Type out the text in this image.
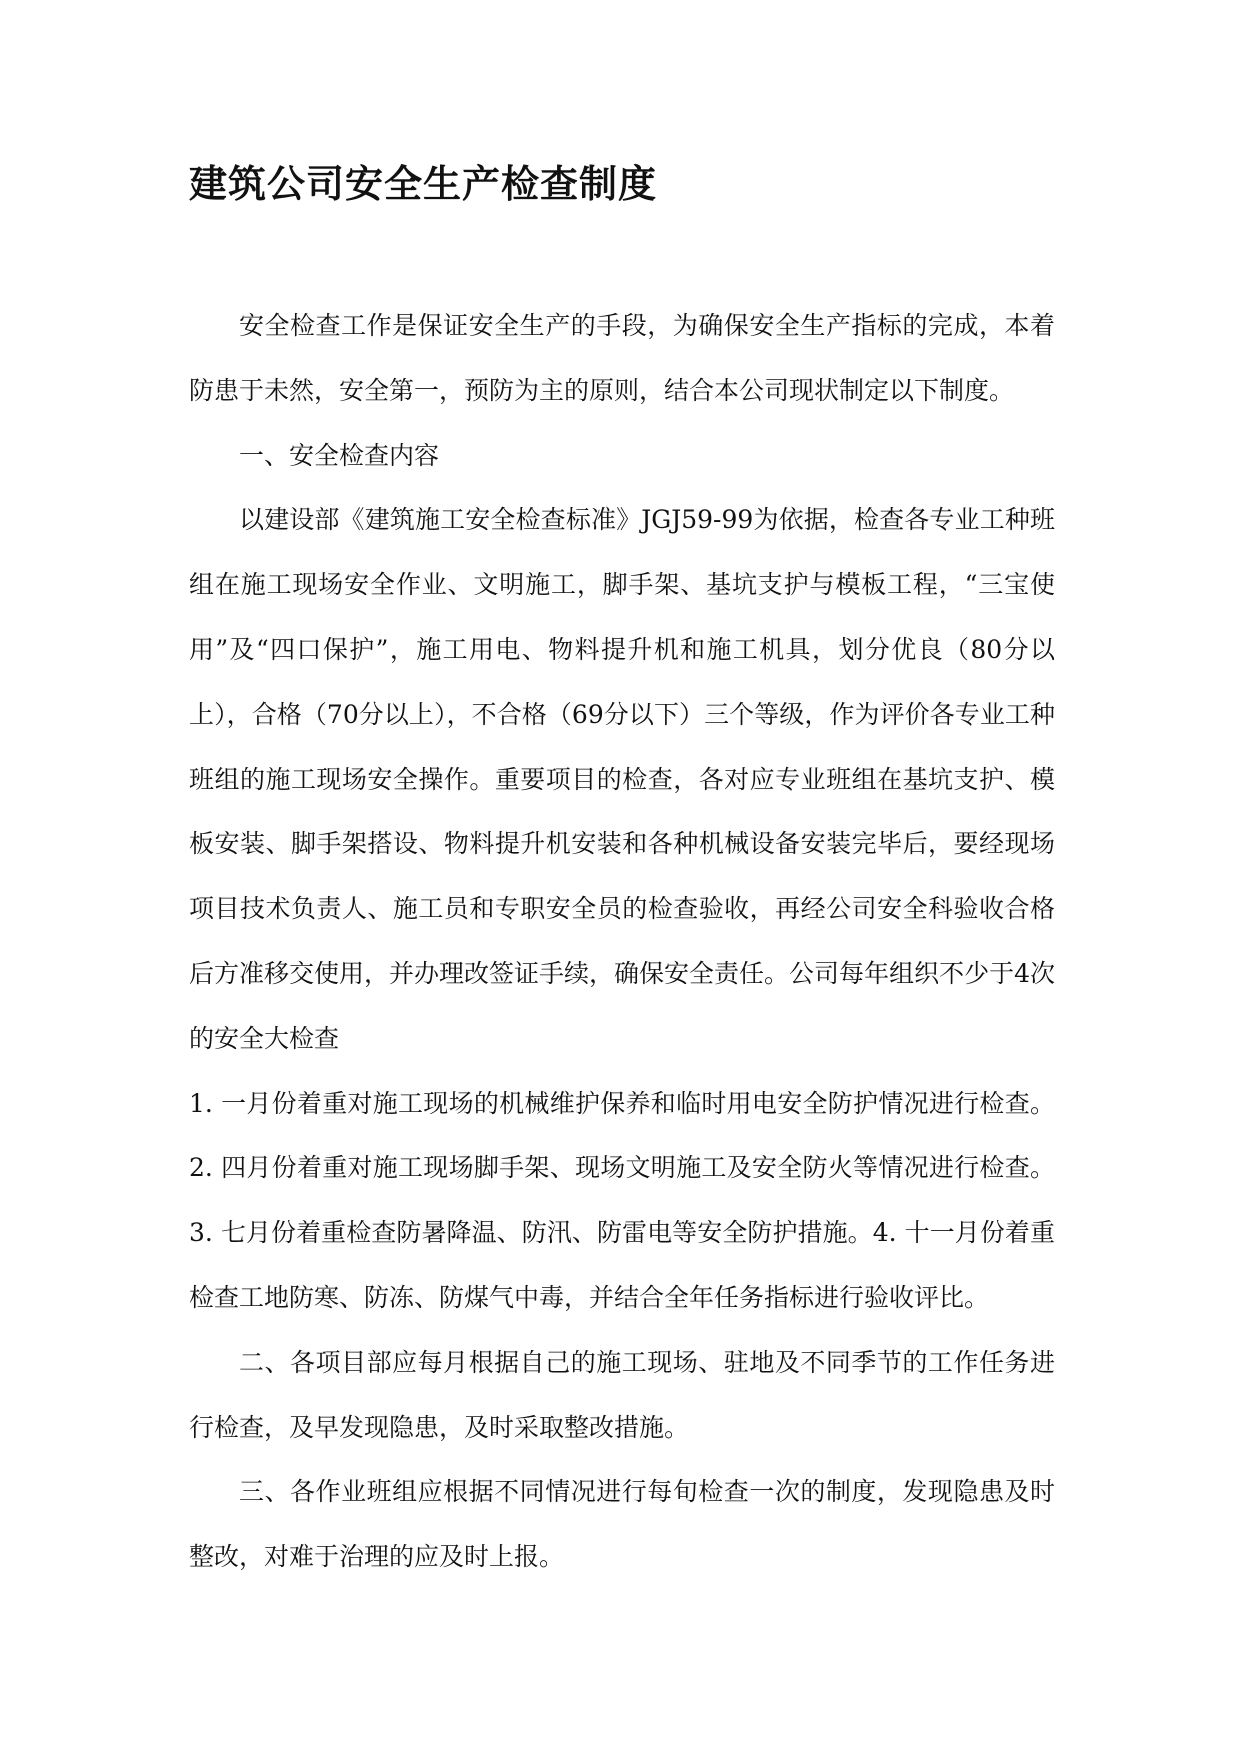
建筑公司安全生产检查制度

安全检查工作是保证安全生产的手段，为确保安全生产指标的完成，本着防患于未然，安全第一，预防为主的原则，结合本公司现状制定以下制度。

一、安全检查内容

以建设部《建筑施工安全检查标准》JGJ59-99为依据，检查各专业工种班组在施工现场安全作业、文明施工，脚手架、基坑支护与模板工程，“三宝使用”及“四口保护”，施工用电、物料提升机和施工机具，划分优良（80分以上），合格（70分以上），不合格（69分以下）三个等级，作为评价各专业工种班组的施工现场安全操作。重要项目的检查，各对应专业班组在基坑支护、模板安装、脚手架搭设、物料提升机安装和各种机械设备安装完毕后，要经现场项目技术负责人、施工员和专职安全员的检查验收，再经公司安全科验收合格后方准移交使用，并办理改签证手续，确保安全责任。公司每年组织不少于4次的安全大检查

1. 一月份着重对施工现场的机械维护保养和临时用电安全防护情况进行检查。2. 四月份着重对施工现场脚手架、现场文明施工及安全防火等情况进行检查。3. 七月份着重检查防暑降温、防汛、防雷电等安全防护措施。4. 十一月份着重检查工地防寒、防冻、防煤气中毒，并结合全年任务指标进行验收评比。

二、各项目部应每月根据自己的施工现场、驻地及不同季节的工作任务进行检查，及早发现隐患，及时采取整改措施。

三、各作业班组应根据不同情况进行每旬检查一次的制度，发现隐患及时整改，对难于治理的应及时上报。
